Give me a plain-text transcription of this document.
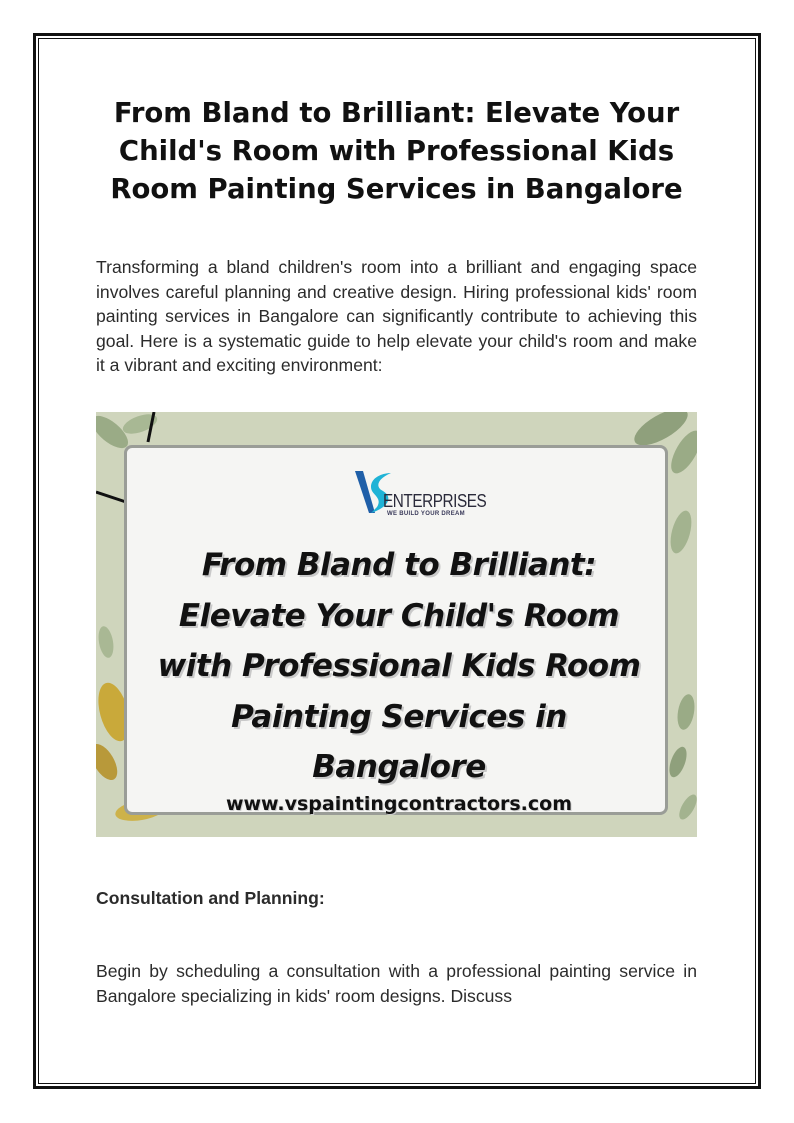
From Bland to Brilliant: Elevate Your Child's Room with Professional Kids Room Painting Services in Bangalore

Transforming a bland children's room into a brilliant and engaging space involves careful planning and creative design. Hiring professional kids' room painting services in Bangalore can significantly contribute to achieving this goal. Here is a systematic guide to help elevate your child's room and make it a vibrant and exciting environment:

ENTERPRISES
WE BUILD YOUR DREAM
From Bland to Brilliant:
Elevate Your Child's Room
with Professional Kids Room
Painting Services in
Bangalore
www.vspaintingcontractors.com
Consultation and Planning:

Begin by scheduling a consultation with a professional painting service in Bangalore specializing in kids' room designs. Discuss
